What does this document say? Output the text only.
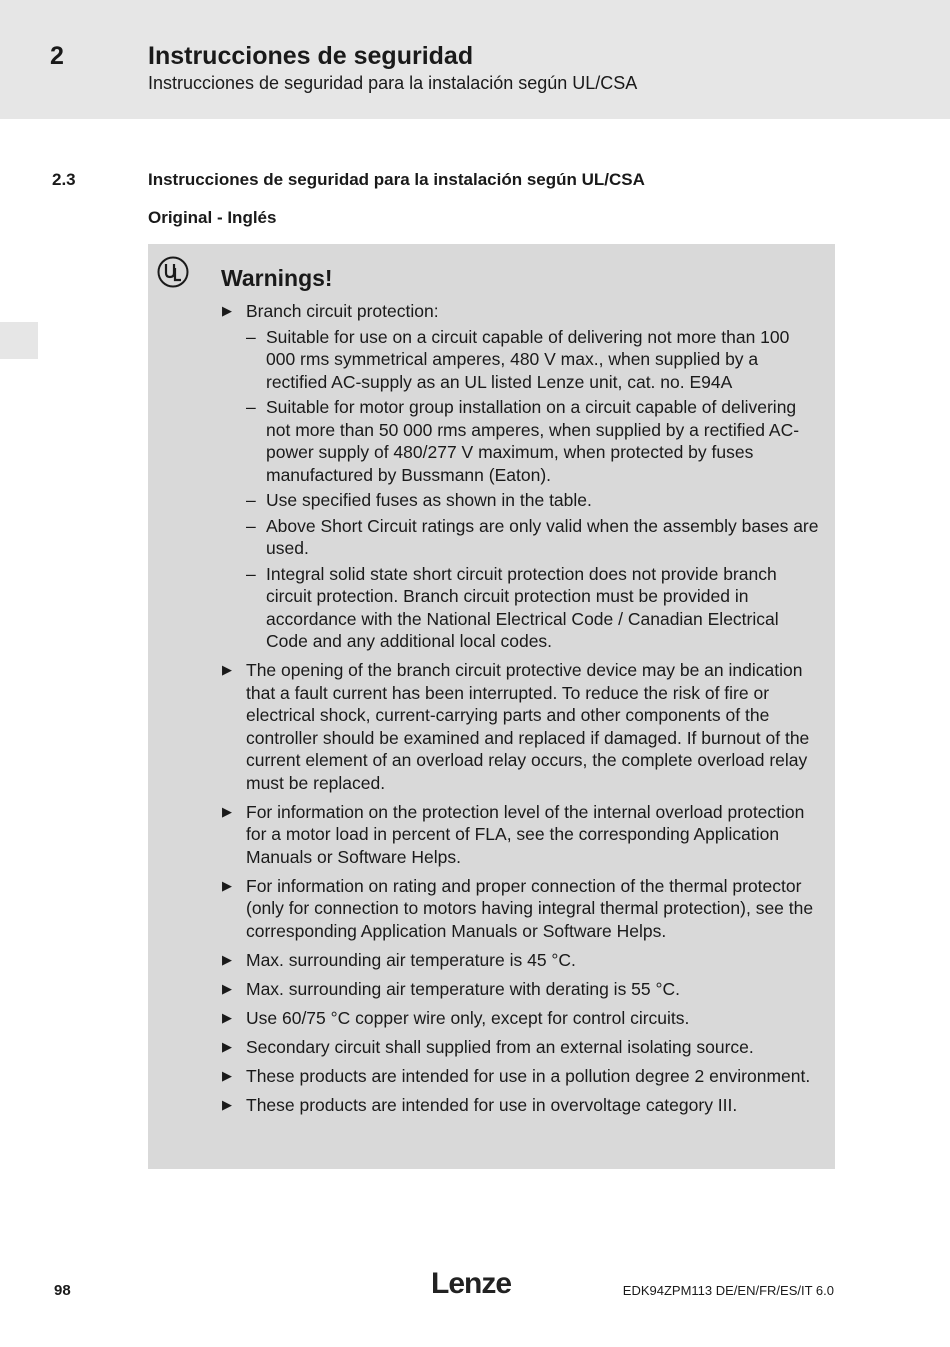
2	Instrucciones de seguridad
Instrucciones de seguridad para la instalación según UL/CSA
2.3	Instrucciones de seguridad para la instalación según UL/CSA
Original - Inglés
Warnings!
▶ Branch circuit protection:
– Suitable for use on a circuit capable of delivering not more than 100 000 rms symmetrical amperes, 480 V max., when supplied by a rectified AC-supply as an UL listed Lenze unit, cat. no. E94A
– Suitable for motor group installation on a circuit capable of delivering not more than 50 000 rms amperes, when supplied by a rectified AC-power supply of 480/277 V maximum, when protected by fuses manufactured by Bussmann (Eaton).
– Use specified fuses as shown in the table.
– Above Short Circuit ratings are only valid when the assembly bases are used.
– Integral solid state short circuit protection does not provide branch circuit protection. Branch circuit protection must be provided in accordance with the National Electrical Code / Canadian Electrical Code and any additional local codes.
▶ The opening of the branch circuit protective device may be an indication that a fault current has been interrupted. To reduce the risk of fire or electrical shock, current-carrying parts and other components of the controller should be examined and replaced if damaged. If burnout of the current element of an overload relay occurs, the complete overload relay must be replaced.
▶ For information on the protection level of the internal overload protection for a motor load in percent of FLA, see the corresponding Application Manuals or Software Helps.
▶ For information on rating and proper connection of the thermal protector (only for connection to motors having integral thermal protection), see the corresponding Application Manuals or Software Helps.
▶ Max. surrounding air temperature is 45 °C.
▶ Max. surrounding air temperature with derating is 55 °C.
▶ Use 60/75 °C copper wire only, except for control circuits.
▶ Secondary circuit shall supplied from an external isolating source.
▶ These products are intended for use in a pollution degree 2 environment.
▶ These products are intended for use in overvoltage category III.
98	Lenze	EDK94ZPM113 DE/EN/FR/ES/IT 6.0
